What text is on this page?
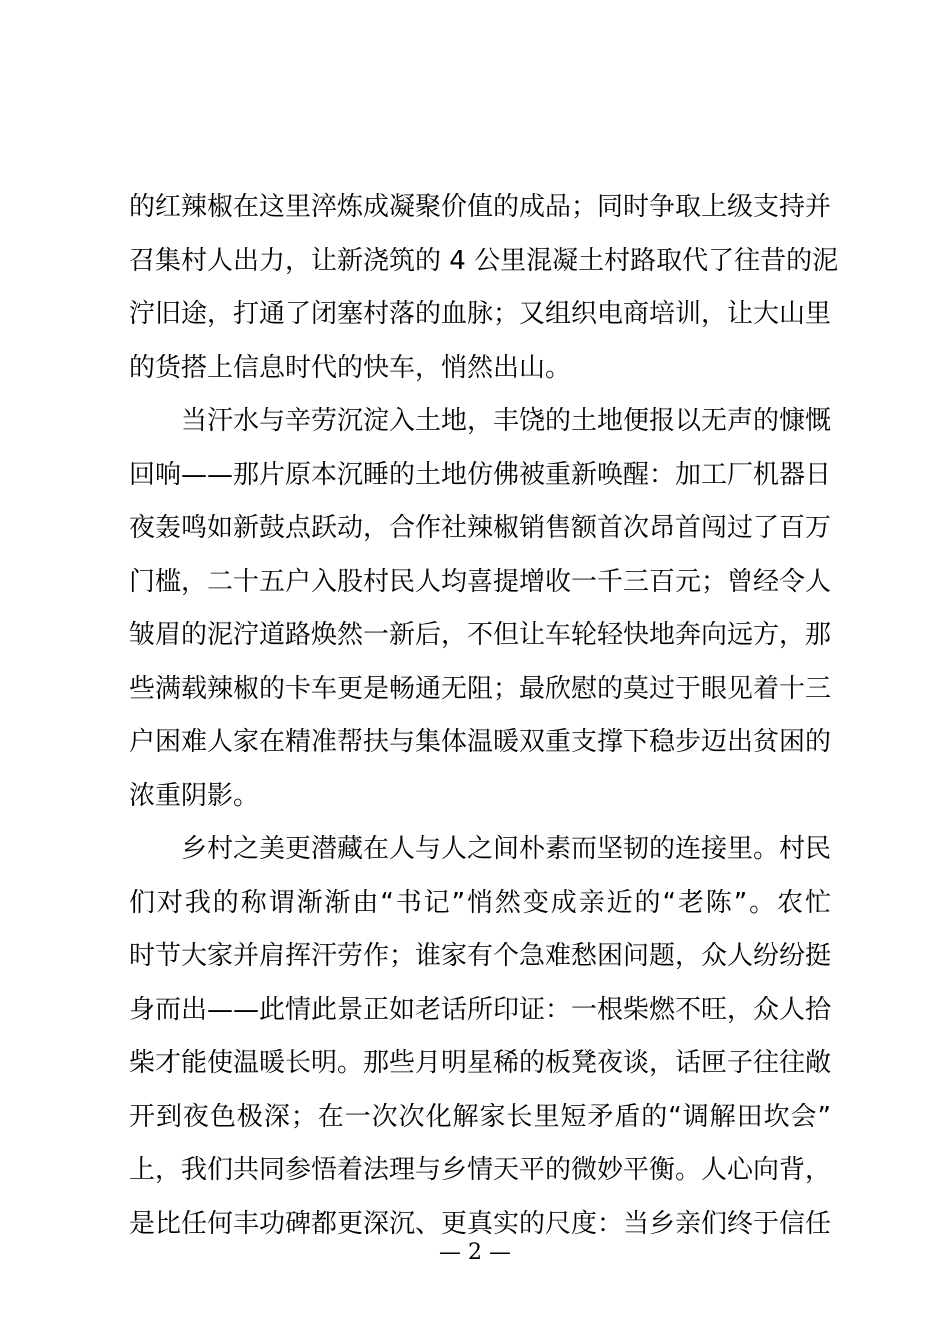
的红辣椒在这里淬炼成凝聚价值的成品；同时争取上级支持并
召集村人出力，让新浇筑的 4 公里混凝土村路取代了往昔的泥
泞旧途，打通了闭塞村落的血脉；又组织电商培训，让大山里
的货搭上信息时代的快车，悄然出山。
当汗水与辛劳沉淀入土地，丰饶的土地便报以无声的慷慨
回响——那片原本沉睡的土地仿佛被重新唤醒：加工厂机器日
夜轰鸣如新鼓点跃动，合作社辣椒销售额首次昂首闯过了百万
门槛，二十五户入股村民人均喜提增收一千三百元；曾经令人
皱眉的泥泞道路焕然一新后，不但让车轮轻快地奔向远方，那
些满载辣椒的卡车更是畅通无阻；最欣慰的莫过于眼见着十三
户困难人家在精准帮扶与集体温暖双重支撑下稳步迈出贫困的
浓重阴影。
乡村之美更潜藏在人与人之间朴素而坚韧的连接里。村民
们对我的称谓渐渐由“书记”悄然变成亲近的“老陈”。农忙
时节大家并肩挥汗劳作；谁家有个急难愁困问题，众人纷纷挺
身而出——此情此景正如老话所印证：一根柴燃不旺，众人拾
柴才能使温暖长明。那些月明星稀的板凳夜谈，话匣子往往敞
开到夜色极深；在一次次化解家长里短矛盾的“调解田坎会”
上，我们共同参悟着法理与乡情天平的微妙平衡。人心向背，
是比任何丰功碑都更深沉、更真实的尺度：当乡亲们终于信任
— 2 —
